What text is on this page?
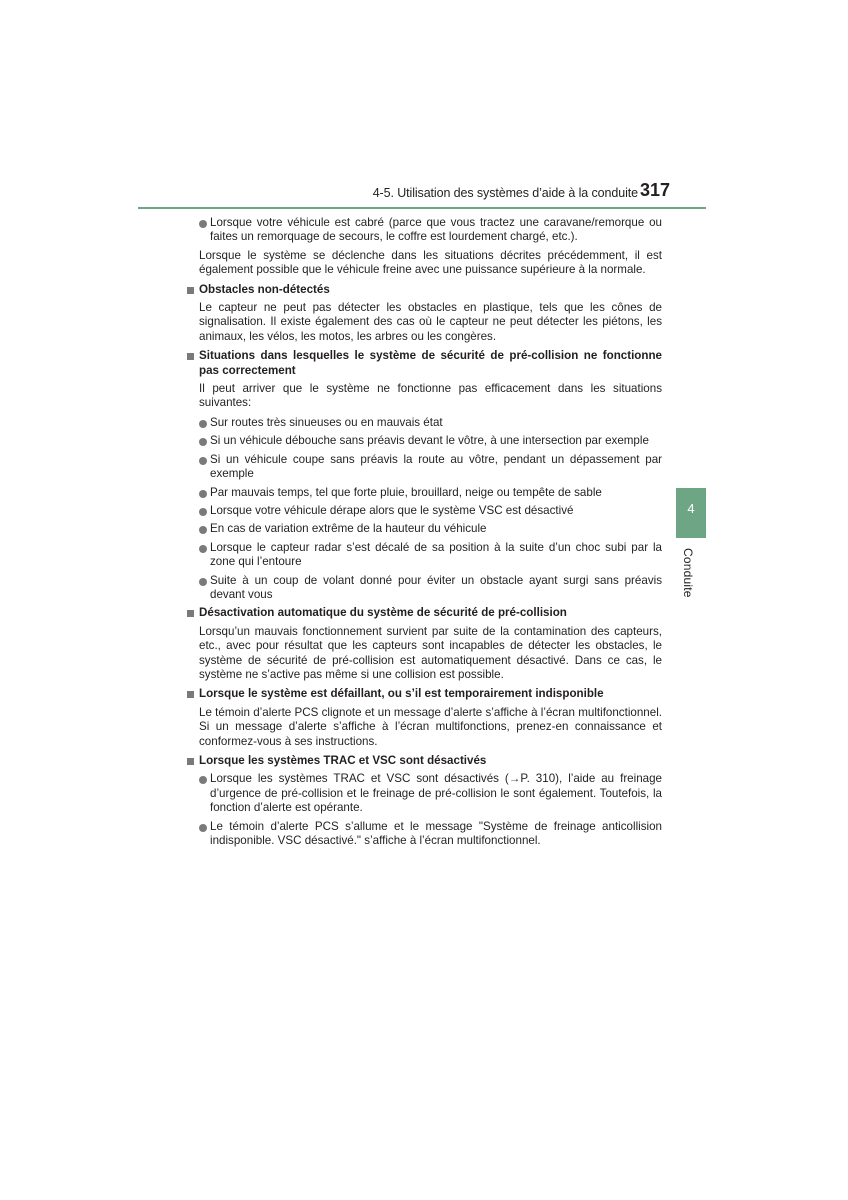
4-5. Utilisation des systèmes d’aide à la conduite 317
4
Conduite
Lorsque votre véhicule est cabré (parce que vous tractez une caravane/remorque ou faites un remorquage de secours, le coffre est lourdement chargé, etc.).
Lorsque le système se déclenche dans les situations décrites précédemment, il est également possible que le véhicule freine avec une puissance supérieure à la normale.
Obstacles non-détectés
Le capteur ne peut pas détecter les obstacles en plastique, tels que les cônes de signalisation. Il existe également des cas où le capteur ne peut détecter les piétons, les animaux, les vélos, les motos, les arbres ou les congères.
Situations dans lesquelles le système de sécurité de pré-collision ne fonctionne pas correctement
Il peut arriver que le système ne fonctionne pas efficacement dans les situations suivantes:
Sur routes très sinueuses ou en mauvais état
Si un véhicule débouche sans préavis devant le vôtre, à une intersection par exemple
Si un véhicule coupe sans préavis la route au vôtre, pendant un dépassement par exemple
Par mauvais temps, tel que forte pluie, brouillard, neige ou tempête de sable
Lorsque votre véhicule dérape alors que le système VSC est désactivé
En cas de variation extrême de la hauteur du véhicule
Lorsque le capteur radar s’est décalé de sa position à la suite d’un choc subi par la zone qui l’entoure
Suite à un coup de volant donné pour éviter un obstacle ayant surgi sans préavis devant vous
Désactivation automatique du système de sécurité de pré-collision
Lorsqu’un mauvais fonctionnement survient par suite de la contamination des capteurs, etc., avec pour résultat que les capteurs sont incapables de détecter les obstacles, le système de sécurité de pré-collision est automatiquement désactivé. Dans ce cas, le système ne s’active pas même si une collision est possible.
Lorsque le système est défaillant, ou s’il est temporairement indisponible
Le témoin d’alerte PCS clignote et un message d’alerte s’affiche à l’écran multifonctionnel. Si un message d’alerte s’affiche à l’écran multifonctions, prenez-en connaissance et conformez-vous à ses instructions.
Lorsque les systèmes TRAC et VSC sont désactivés
Lorsque les systèmes TRAC et VSC sont désactivés (→P. 310), l’aide au freinage d’urgence de pré-collision et le freinage de pré-collision le sont également. Toutefois, la fonction d’alerte est opérante.
Le témoin d’alerte PCS s’allume et le message "Système de freinage anticollision indisponible. VSC désactivé." s’affiche à l’écran multifonctionnel.
